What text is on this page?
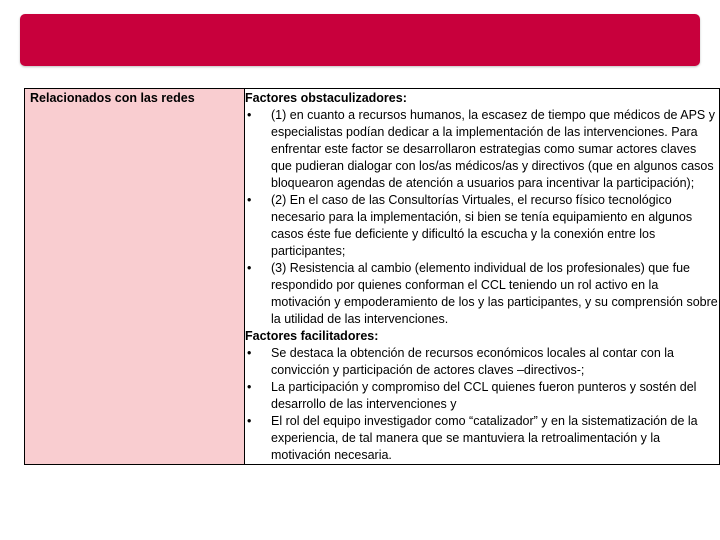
Relacionados con las redes	Factores obstaculizadores:
•	(1) en cuanto a recursos humanos, la escasez de tiempo que médicos de APS y especialistas podían dedicar a la implementación de las intervenciones. Para enfrentar este factor se desarrollaron estrategias como sumar actores claves que pudieran dialogar con los/as médicos/as y directivos (que en algunos casos bloquearon agendas de atención a usuarios para incentivar la participación);
•	(2) En el caso de las Consultorías Virtuales, el recurso físico tecnológico necesario para la implementación, si bien se tenía equipamiento en algunos casos éste fue deficiente y dificultó la escucha y la conexión entre los participantes;
•	(3) Resistencia al cambio (elemento individual de los profesionales) que fue respondido por quienes conforman el CCL teniendo un rol activo en la motivación y empoderamiento de los y las participantes, y su comprensión sobre la utilidad de las intervenciones.
Factores facilitadores:
•	Se destaca la obtención de recursos económicos locales al contar con la convicción y participación de actores claves –directivos-;
•	La participación y compromiso del CCL quienes fueron punteros y sostén del desarrollo de las intervenciones y
•	El rol del equipo investigador como “catalizador” y en la sistematización de la experiencia, de tal manera que se mantuviera la retroalimentación y la motivación necesaria.
